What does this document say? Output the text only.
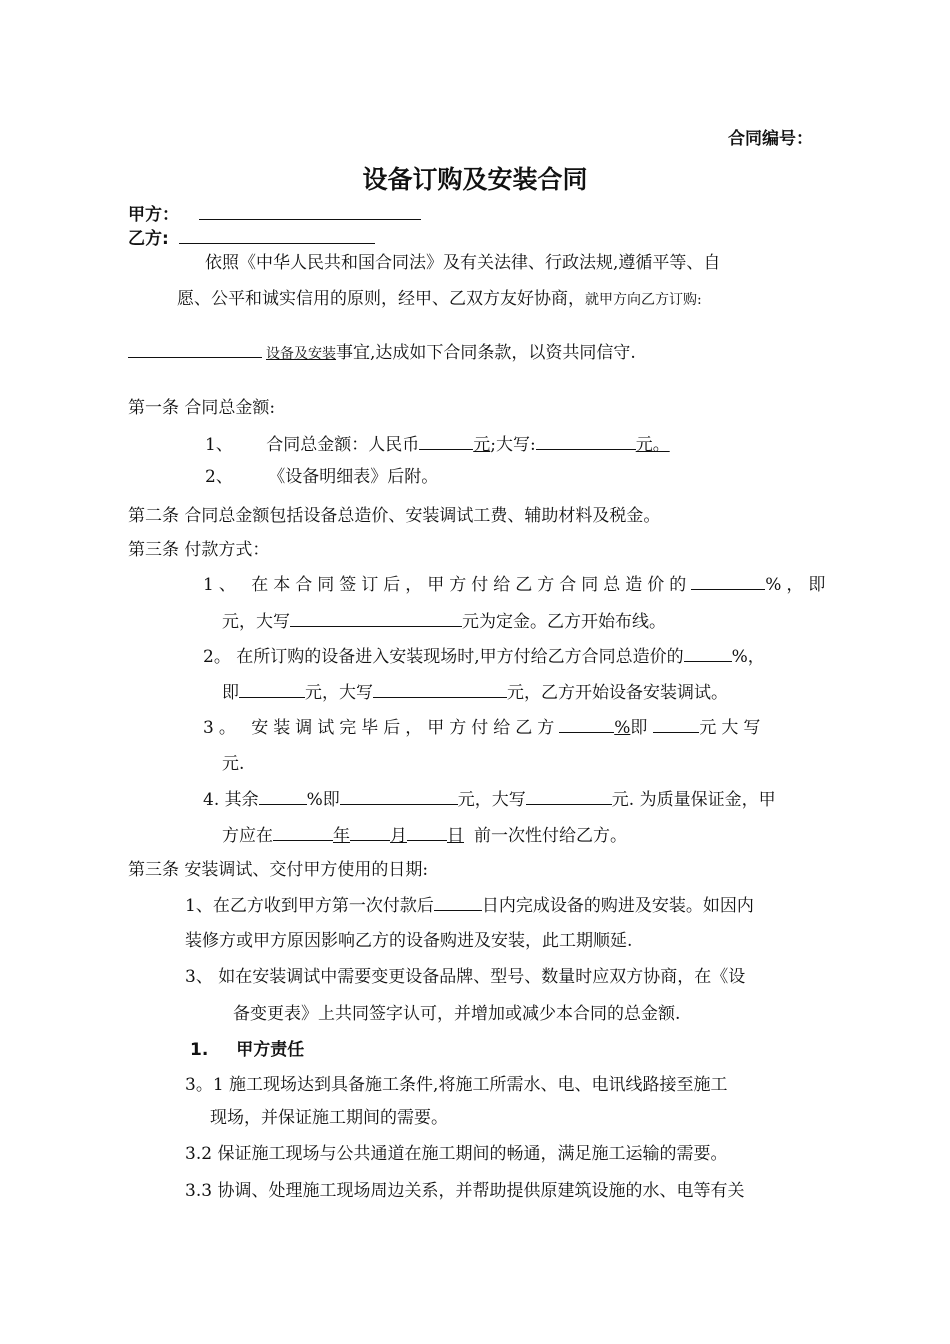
合同编号：
设备订购及安装合同
甲方：
乙方:
依照《中华人民共和国合同法》及有关法律、行政法规,遵循平等、自
愿、公平和诚实信用的原则，经甲、乙双方友好协商，就甲方向乙方订购:
设备及安装事宜,达成如下合同条款，以资共同信守.
第一条 合同总金额:
1、 合同总金额：人民币	元;大写:	元。
2、 《设备明细表》后附。
第二条 合同总金额包括设备总造价、安装调试工费、辅助材料及税金。
第三条 付款方式：
1、 在本合同签订后，甲方付给乙方合同总造价的	%，即
元，大写	元为定金。乙方开始布线。
2。 在所订购的设备进入安装现场时,甲方付给乙方合同总造价的	%，
即	元，大写	元，乙方开始设备安装调试。
3。 安装调试完毕后，甲方付给乙方	%即	元大写
元.
4. 其余	%即	元，大写	元. 为质量保证金，甲
方应在	年 月 日 前一次性付给乙方。
第三条 安装调试、交付甲方使用的日期:
1、在乙方收到甲方第一次付款后	日内完成设备的购进及安装。如因内
装修方或甲方原因影响乙方的设备购进及安装，此工期顺延.
3、 如在安装调试中需要变更设备品牌、型号、数量时应双方协商，在《设
备变更表》上共同签字认可，并增加或减少本合同的总金额.
1. 甲方责任
3。1 施工现场达到具备施工条件,将施工所需水、电、电讯线路接至施工
现场，并保证施工期间的需要。
3.2 保证施工现场与公共通道在施工期间的畅通，满足施工运输的需要。
3.3 协调、处理施工现场周边关系，并帮助提供原建筑设施的水、电等有关
